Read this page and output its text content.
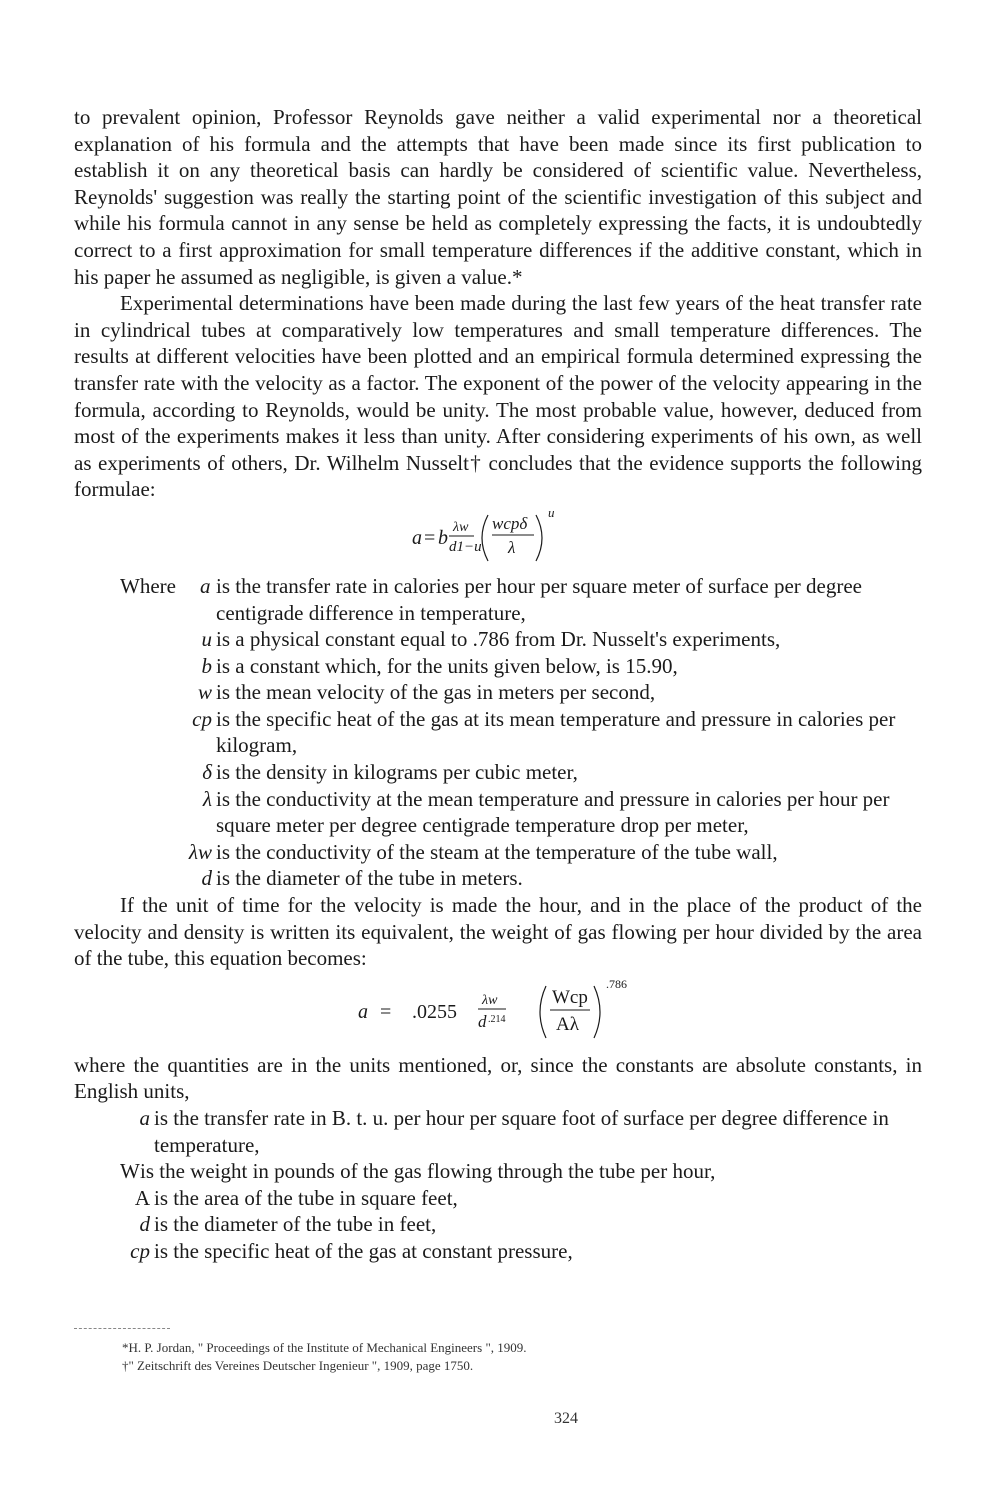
to prevalent opinion, Professor Reynolds gave neither a valid experimental nor a theoretical explanation of his formula and the attempts that have been made since its first publication to establish it on any theoretical basis can hardly be considered of scientific value. Nevertheless, Reynolds' suggestion was really the starting point of the scientific investigation of this subject and while his formula cannot in any sense be held as completely expressing the facts, it is undoubtedly correct to a first approximation for small temperature differences if the additive constant, which in his paper he assumed as negligible, is given a value.*

Experimental determinations have been made during the last few years of the heat transfer rate in cylindrical tubes at comparatively low temperatures and small temperature differences. The results at different velocities have been plotted and an empirical formula determined expressing the transfer rate with the velocity as a factor. The exponent of the power of the velocity appearing in the formula, according to Reynolds, would be unity. The most probable value, however, deduced from most of the experiments makes it less than unity. After considering experiments of his own, as well as experiments of others, Dr. Wilhelm Nusselt† concludes that the evidence supports the following formulae:

a = b λw
d1−u
wcpδ
λ
u
Where a is the transfer rate in calories per hour per square meter of surface per degree centigrade difference in temperature,
u is a physical constant equal to .786 from Dr. Nusselt's experiments,
b is a constant which, for the units given below, is 15.90,
w is the mean velocity of the gas in meters per second,
cp is the specific heat of the gas at its mean temperature and pressure in calories per kilogram,
δ is the density in kilograms per cubic meter,
λ is the conductivity at the mean temperature and pressure in calories per hour per square meter per degree centigrade temperature drop per meter,
λw is the conductivity of the steam at the temperature of the tube wall,
d is the diameter of the tube in meters.

If the unit of time for the velocity is made the hour, and in the place of the product of the velocity and density is written its equivalent, the weight of gas flowing per hour divided by the area of the tube, this equation becomes:

a = .0255
λw
d .214
Wcp
Aλ
.786

where the quantities are in the units mentioned, or, since the constants are absolute constants, in English units,

a is the transfer rate in B. t. u. per hour per square foot of surface per degree difference in temperature,
W is the weight in pounds of the gas flowing through the tube per hour,
A is the area of the tube in square feet,
d is the diameter of the tube in feet,
cp is the specific heat of the gas at constant pressure,
*H. P. Jordan, " Proceedings of the Institute of Mechanical Engineers ", 1909.
†" Zeitschrift des Vereines Deutscher Ingenieur ", 1909, page 1750.
324
